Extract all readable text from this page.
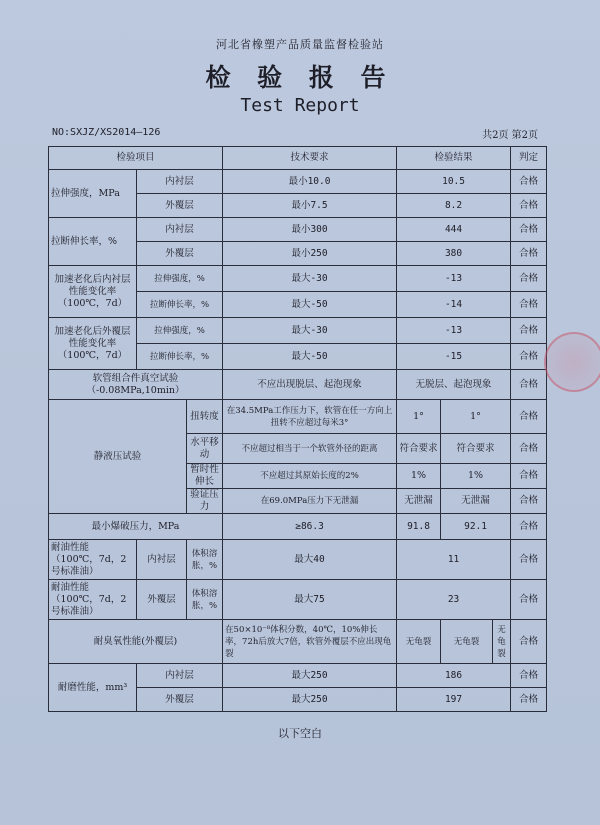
河北省橡塑产品质量监督检验站
检 验 报 告
Test Report
NO:SXJZ/XS2014—126	共2页 第2页
检验项目			技术要求	检验结果			判定
拉伸强度，MPa	内衬层		最小10.0	10.5			合格
	外覆层		最小7.5	8.2			合格
拉断伸长率，%	内衬层		最小300	444			合格
	外覆层		最小250	380			合格
加速老化后内衬层性能变化率（100℃，7d）	拉伸强度，%		最大-30	-13			合格
	拉断伸长率，%		最大-50	-14			合格
加速老化后外覆层性能变化率（100℃，7d）	拉伸强度，%		最大-30	-13			合格
	拉断伸长率，%		最大-50	-15			合格
软管组合件真空试验（-0.08MPa,10min）			不应出现脱层、起泡现象	无脱层、起泡现象			合格
静液压试验		扭转度	在34.5MPa工作压力下，软管在任一方向上扭转不应超过每米3°	1°	1°		合格
		水平移动	不应超过相当于一个软管外径的距离	符合要求	符合要求		合格
		暂时性伸长	不应超过其原始长度的2%	1%	1%		合格
		验证压力	在69.0MPa压力下无泄漏	无泄漏	无泄漏		合格
最小爆破压力，MPa			≥86.3	91.8	92.1		合格
耐油性能（100℃，7d，2号标准油）	内衬层	体积溶胀，%	最大40	11			合格
耐油性能（100℃，7d，2号标准油）	外覆层	体积溶胀，%	最大75	23			合格
耐臭氧性能(外覆层)			在50×10⁻⁸体积分数，40℃，10%伸长率，72h后放大7倍，软管外覆层不应出现龟裂	无龟裂	无龟裂	无龟裂	合格
耐磨性能，mm³	内衬层		最大250	186			合格
	外覆层		最大250	197			合格
以下空白
